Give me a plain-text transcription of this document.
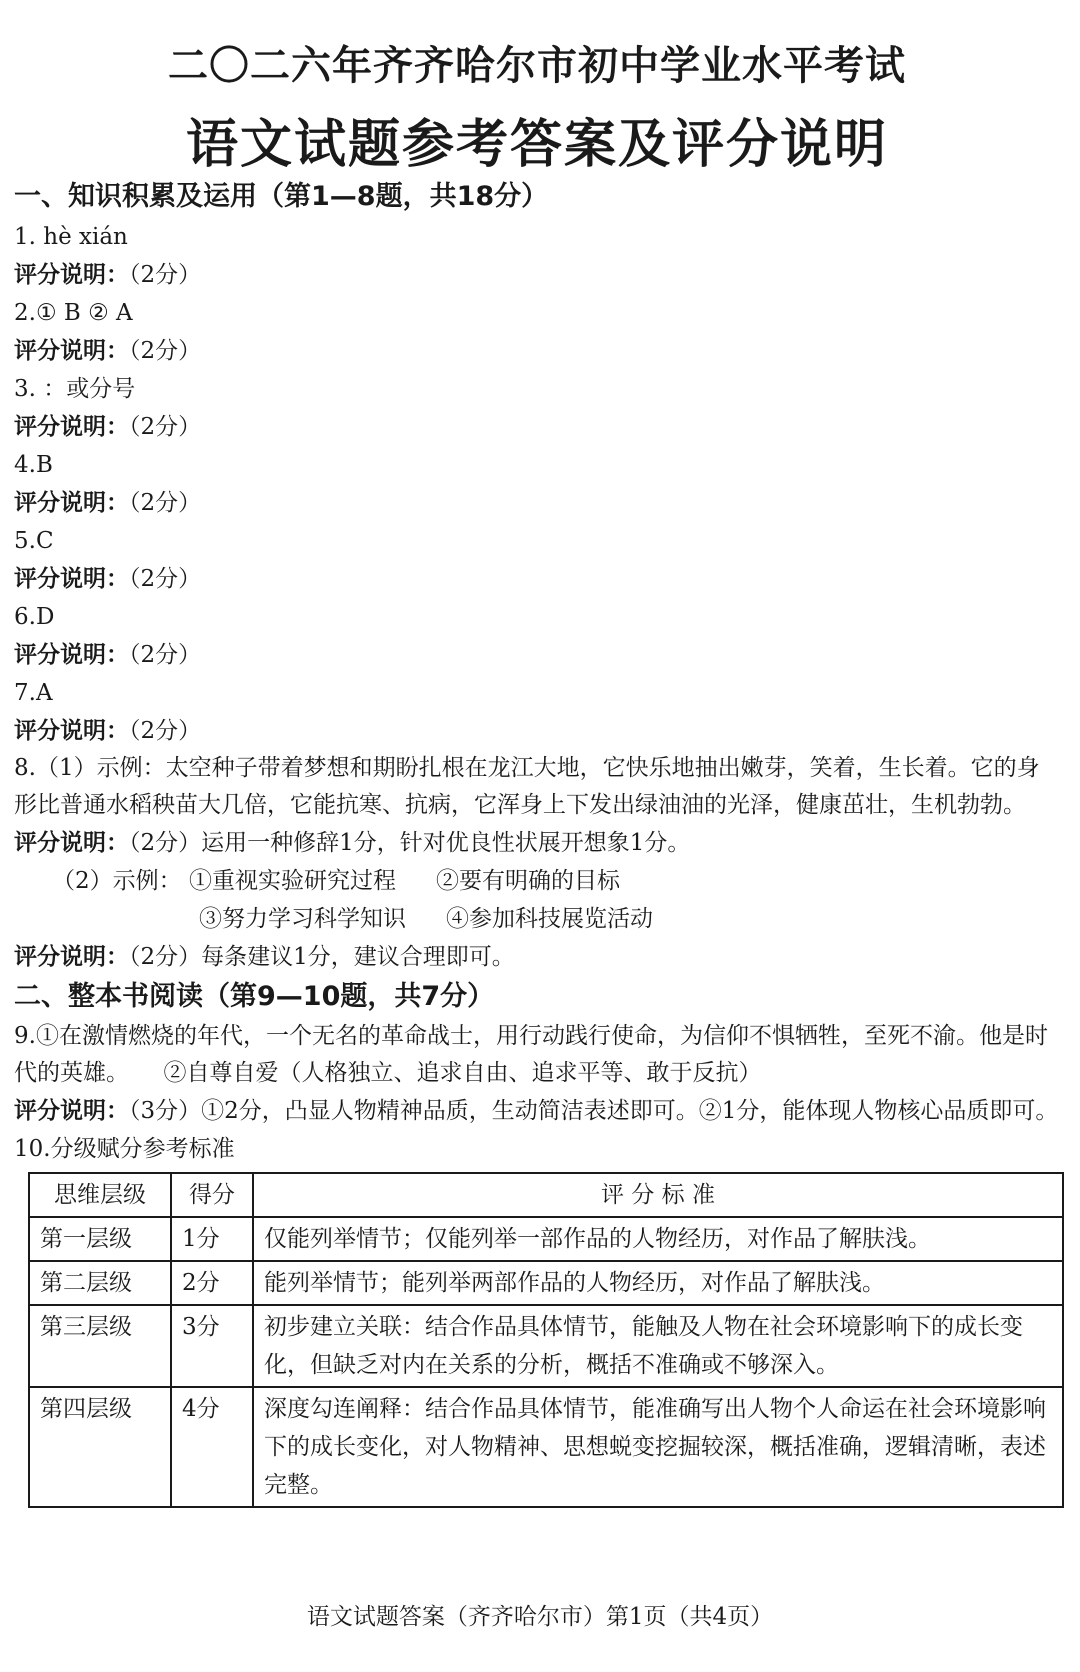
二〇二六年齐齐哈尔市初中学业水平考试
语文试题参考答案及评分说明
一、知识积累及运用（第1—8题，共18分）
1. hè xián
评分说明：（2分）
2.① B ② A
评分说明：（2分）
3. ：或分号
评分说明：（2分）
4.B
评分说明：（2分）
5.C
评分说明：（2分）
6.D
评分说明：（2分）
7.A
评分说明：（2分）
8.（1）示例：太空种子带着梦想和期盼扎根在龙江大地，它快乐地抽出嫩芽，笑着，生长着。它的身形比普通水稻秧苗大几倍，它能抗寒、抗病，它浑身上下发出绿油油的光泽，健康茁壮，生机勃勃。
评分说明：（2分）运用一种修辞1分，针对优良性状展开想象1分。
（2）示例： ①重视实验研究过程 ②要有明确的目标
③努力学习科学知识 ④参加科技展览活动
评分说明：（2分）每条建议1分，建议合理即可。
二、整本书阅读（第9—10题，共7分）
9.①在激情燃烧的年代，一个无名的革命战士，用行动践行使命，为信仰不惧牺牲，至死不渝。他是时代的英雄。　　②自尊自爱（人格独立、追求自由、追求平等、敢于反抗）
评分说明：（3分）①2分，凸显人物精神品质，生动简洁表述即可。②1分，能体现人物核心品质即可。
10.分级赋分参考标准
思维层级	得分	评 分 标 准
第一层级	1分	仅能列举情节；仅能列举一部作品的人物经历，对作品了解肤浅。
第二层级	2分	能列举情节；能列举两部作品的人物经历，对作品了解肤浅。
第三层级	3分	初步建立关联：结合作品具体情节，能触及人物在社会环境影响下的成长变化，但缺乏对内在关系的分析，概括不准确或不够深入。
第四层级	4分	深度勾连阐释：结合作品具体情节，能准确写出人物个人命运在社会环境影响下的成长变化，对人物精神、思想蜕变挖掘较深，概括准确，逻辑清晰，表述完整。
语文试题答案（齐齐哈尔市）第1页（共4页）
